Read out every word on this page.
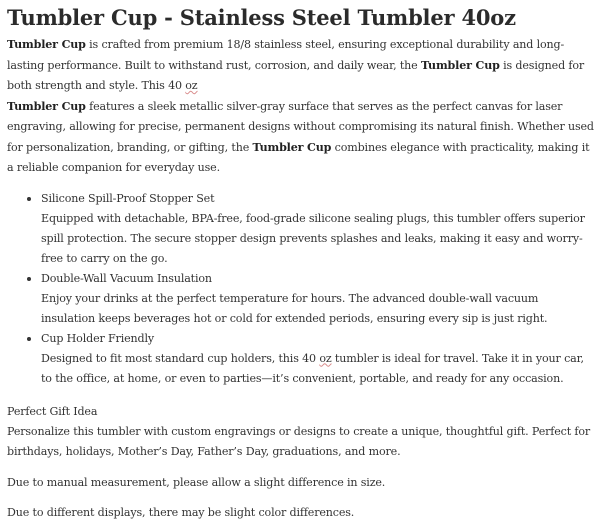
Tumbler Cup - Stainless Steel Tumbler 40oz

Tumbler Cup is crafted from premium 18/8 stainless steel, ensuring exceptional durability and long-lasting performance. Built to withstand rust, corrosion, and daily wear, the Tumbler Cup is designed for both strength and style. This 40 oz
Tumbler Cup features a sleek metallic silver-gray surface that serves as the perfect canvas for laser engraving, allowing for precise, permanent designs without compromising its natural finish. Whether used for personalization, branding, or gifting, the Tumbler Cup combines elegance with practicality, making it a reliable companion for everyday use.

Silicone Spill-Proof Stopper Set
Equipped with detachable, BPA-free, food-grade silicone sealing plugs, this tumbler offers superior spill protection. The secure stopper design prevents splashes and leaks, making it easy and worry-free to carry on the go.
Double-Wall Vacuum Insulation
Enjoy your drinks at the perfect temperature for hours. The advanced double-wall vacuum insulation keeps beverages hot or cold for extended periods, ensuring every sip is just right.
Cup Holder Friendly
Designed to fit most standard cup holders, this 40 oz tumbler is ideal for travel. Take it in your car, to the office, at home, or even to parties—it’s convenient, portable, and ready for any occasion.

Perfect Gift Idea

Personalize this tumbler with custom engravings or designs to create a unique, thoughtful gift. Perfect for birthdays, holidays, Mother’s Day, Father’s Day, graduations, and more.

Due to manual measurement, please allow a slight difference in size.

Due to different displays, there may be slight color differences.
